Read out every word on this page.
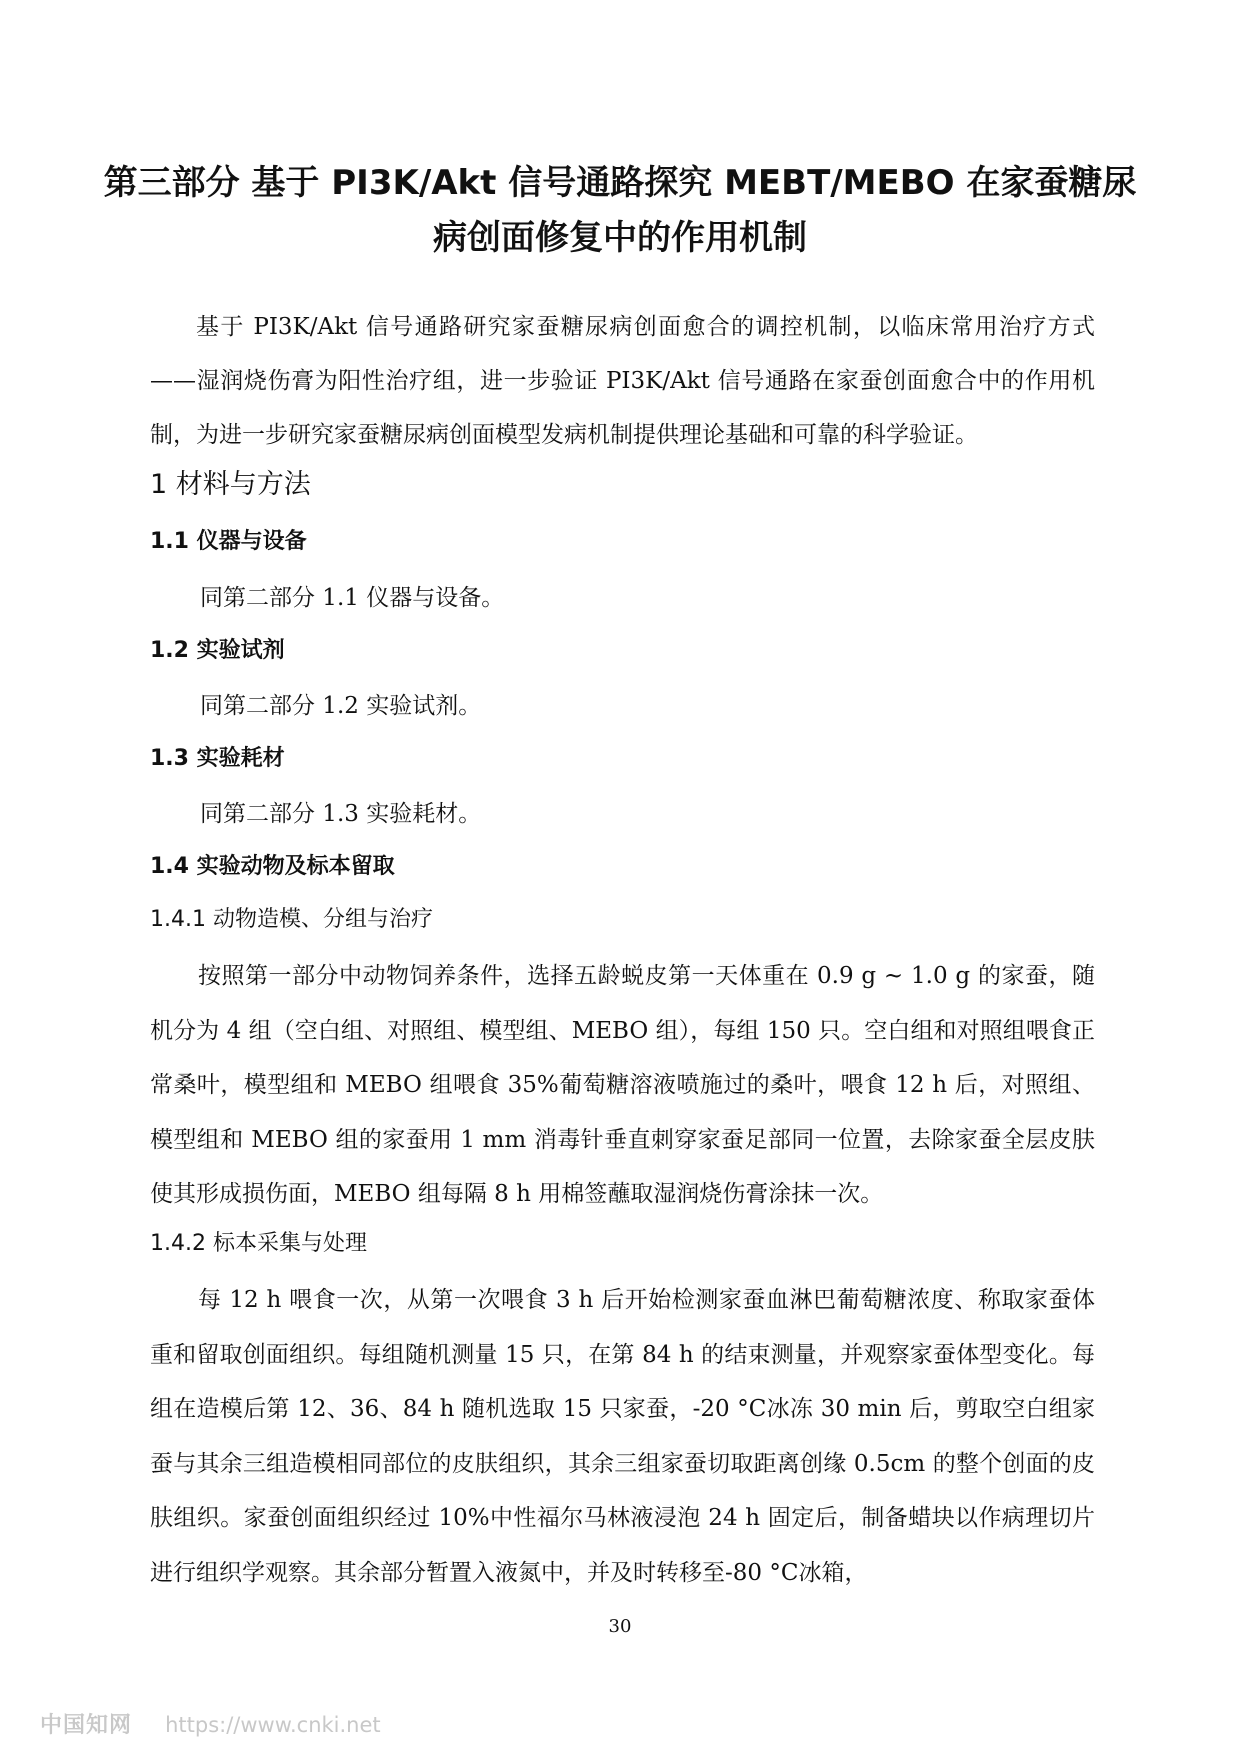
第三部分 基于 PI3K/Akt 信号通路探究 MEBT/MEBO 在家蚕糖尿
病创面修复中的作用机制
基于 PI3K/Akt 信号通路研究家蚕糖尿病创面愈合的调控机制，以临床常用治疗方式——湿润烧伤膏为阳性治疗组，进一步验证 PI3K/Akt 信号通路在家蚕创面愈合中的作用机制，为进一步研究家蚕糖尿病创面模型发病机制提供理论基础和可靠的科学验证。
1 材料与方法
1.1 仪器与设备
同第二部分 1.1 仪器与设备。
1.2 实验试剂
同第二部分 1.2 实验试剂。
1.3 实验耗材
同第二部分 1.3 实验耗材。
1.4 实验动物及标本留取
1.4.1 动物造模、分组与治疗
按照第一部分中动物饲养条件，选择五龄蜕皮第一天体重在 0.9 g ~ 1.0 g 的家蚕，随机分为 4 组（空白组、对照组、模型组、MEBO 组），每组 150 只。空白组和对照组喂食正常桑叶，模型组和 MEBO 组喂食 35%葡萄糖溶液喷施过的桑叶，喂食 12 h 后，对照组、模型组和 MEBO 组的家蚕用 1 mm 消毒针垂直刺穿家蚕足部同一位置，去除家蚕全层皮肤使其形成损伤面，MEBO 组每隔 8 h 用棉签蘸取湿润烧伤膏涂抹一次。
1.4.2 标本采集与处理
每 12 h 喂食一次，从第一次喂食 3 h 后开始检测家蚕血淋巴葡萄糖浓度、称取家蚕体重和留取创面组织。每组随机测量 15 只，在第 84 h 的结束测量，并观察家蚕体型变化。每组在造模后第 12、36、84 h 随机选取 15 只家蚕，-20 °C冰冻 30 min 后，剪取空白组家蚕与其余三组造模相同部位的皮肤组织，其余三组家蚕切取距离创缘 0.5cm 的整个创面的皮肤组织。家蚕创面组织经过 10%中性福尔马林液浸泡 24 h 固定后，制备蜡块以作病理切片进行组织学观察。其余部分暂置入液氮中，并及时转移至-80 °C冰箱，
30
中国知网 https://www.cnki.net
